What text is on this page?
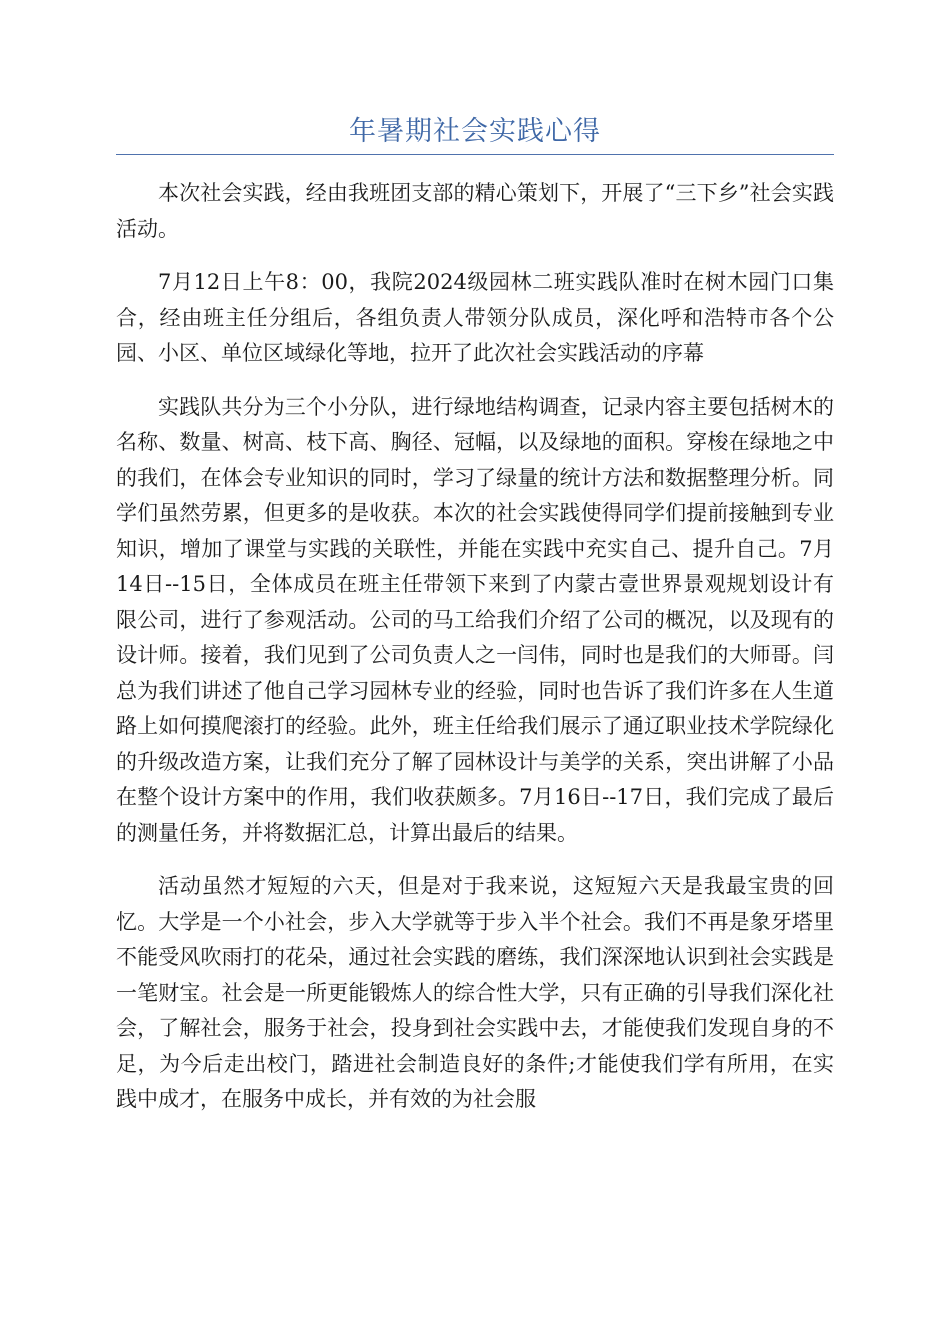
年暑期社会实践心得

本次社会实践，经由我班团支部的精心策划下，开展了“三下乡”社会实践活动。

7月12日上午8：00，我院2024级园林二班实践队准时在树木园门口集合，经由班主任分组后，各组负责人带领分队成员，深化呼和浩特市各个公园、小区、单位区域绿化等地，拉开了此次社会实践活动的序幕

实践队共分为三个小分队，进行绿地结构调查，记录内容主要包括树木的名称、数量、树高、枝下高、胸径、冠幅，以及绿地的面积。穿梭在绿地之中的我们，在体会专业知识的同时，学习了绿量的统计方法和数据整理分析。同学们虽然劳累，但更多的是收获。本次的社会实践使得同学们提前接触到专业知识，增加了课堂与实践的关联性，并能在实践中充实自己、提升自己。7月14日--15日，全体成员在班主任带领下来到了内蒙古壹世界景观规划设计有限公司，进行了参观活动。公司的马工给我们介绍了公司的概况，以及现有的设计师。接着，我们见到了公司负责人之一闫伟，同时也是我们的大师哥。闫总为我们讲述了他自己学习园林专业的经验，同时也告诉了我们许多在人生道路上如何摸爬滚打的经验。此外，班主任给我们展示了通辽职业技术学院绿化的升级改造方案，让我们充分了解了园林设计与美学的关系，突出讲解了小品在整个设计方案中的作用，我们收获颇多。7月16日--17日，我们完成了最后的测量任务，并将数据汇总，计算出最后的结果。

活动虽然才短短的六天，但是对于我来说，这短短六天是我最宝贵的回忆。大学是一个小社会，步入大学就等于步入半个社会。我们不再是象牙塔里不能受风吹雨打的花朵，通过社会实践的磨练，我们深深地认识到社会实践是一笔财宝。社会是一所更能锻炼人的综合性大学，只有正确的引导我们深化社会，了解社会，服务于社会，投身到社会实践中去，才能使我们发现自身的不足，为今后走出校门，踏进社会制造良好的条件;才能使我们学有所用，在实践中成才，在服务中成长，并有效的为社会服
